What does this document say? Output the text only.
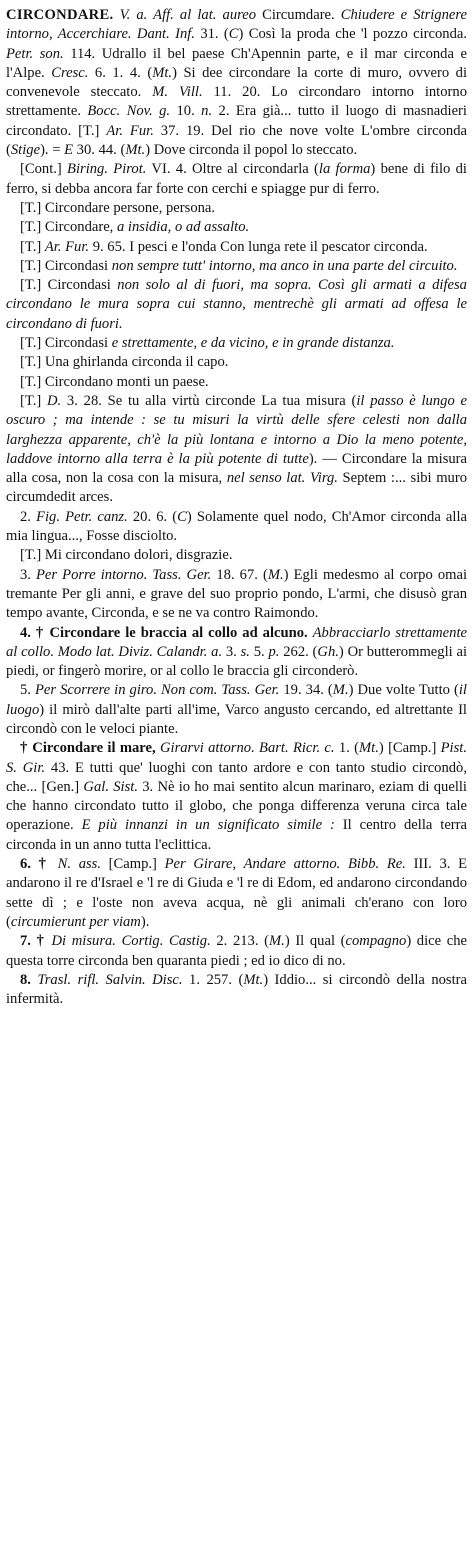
CIRCONDARE. V. a. Aff. al lat. aureo Circumdare. Chiudere e Strignere intorno, Accerchiare. Dant. Inf. 31. (C) Così la proda che 'l pozzo circonda. Petr. son. 114. Udrallo il bel paese Ch'Apennin parte, e il mar circonda e l'Alpe. Cresc. 6. 1. 4. (Mt.) Si dee circondare la corte di muro, ovvero di convenevole steccato. M. Vill. 11. 20. Lo circondaro intorno intorno strettamente. Bocc. Nov. g. 10. n. 2. Era già... tutto il luogo di masnadieri circondato. [T.] Ar. Fur. 37. 19. Del rio che nove volte L'ombre circonda (Stige). = E 30. 44. (Mt.) Dove circonda il popol lo steccato.

[Cont.] Biring. Pirot. VI. 4. Oltre al circondarla (la forma) bene di filo di ferro, si debba ancora far forte con cerchi e spiagge pur di ferro.

[T.] Circondare persone, persona.

[T.] Circondare, a insidia, o ad assalto.

[T.] Ar. Fur. 9. 65. I pesci e l'onda Con lunga rete il pescator circonda.

[T.] Circondasi non sempre tutt' intorno, ma anco in una parte del circuito.

[T.] Circondasi non solo al di fuori, ma sopra. Così gli armati a difesa circondano le mura sopra cui stanno, mentrechè gli armati ad offesa le circondano di fuori.

[T.] Circondasi e strettamente, e da vicino, e in grande distanza.

[T.] Una ghirlanda circonda il capo.

[T.] Circondano monti un paese.

[T.] D. 3. 28. Se tu alla virtù circonde La tua misura (il passo è lungo e oscuro ; ma intende : se tu misuri la virtù delle sfere celesti non dalla larghezza apparente, ch'è la più lontana e intorno a Dio la meno potente, laddove intorno alla terra è la più potente di tutte). — Circondare la misura alla cosa, non la cosa con la misura, nel senso lat. Virg. Septem :... sibi muro circumdedit arces.

2. Fig. Petr. canz. 20. 6. (C) Solamente quel nodo, Ch'Amor circonda alla mia lingua..., Fosse disciolto.

[T.] Mi circondano dolori, disgrazie.

3. Per Porre intorno. Tass. Ger. 18. 67. (M.) Egli medesmo al corpo omai tremante Per gli anni, e grave del suo proprio pondo, L'armi, che disusò gran tempo avante, Circonda, e se ne va contro Raimondo.

4. † Circondare le braccia al collo ad alcuno. Abbracciarlo strettamente al collo. Modo lat. Diviz. Calandr. a. 3. s. 5. p. 262. (Gh.) Or butterommegli ai piedi, or fingerò morire, or al collo le braccia gli circonderò.

5. Per Scorrere in giro. Non com. Tass. Ger. 19. 34. (M.) Due volte Tutto (il luogo) il mirò dall'alte parti all'ime, Varco angusto cercando, ed altrettante Il circondò con le veloci piante.

† Circondare il mare, Girarvi attorno. Bart. Ricr. c. 1. (Mt.) [Camp.] Pist. S. Gir. 43. E tutti que' luoghi con tanto ardore e con tanto studio circondò, che... [Gen.] Gal. Sist. 3. Nè io ho mai sentito alcun marinaro, eziam di quelli che hanno circondato tutto il globo, che ponga differenza veruna circa tale operazione. E più innanzi in un significato simile : Il centro della terra circonda in un anno tutta l'eclittica.

6. † N. ass. [Camp.] Per Girare, Andare attorno. Bibb. Re. III. 3. E andarono il re d'Israel e 'l re di Giuda e 'l re di Edom, ed andarono circondando sette dì ; e l'oste non aveva acqua, nè gli animali ch'erano con loro (circumierunt per viam).

7. † Di misura. Cortig. Castig. 2. 213. (M.) Il qual (compagno) dice che questa torre circonda ben quaranta piedi ; ed io dico di no.

8. Trasl. rifl. Salvin. Disc. 1. 257. (Mt.) Iddio... si circondò della nostra infermità.
